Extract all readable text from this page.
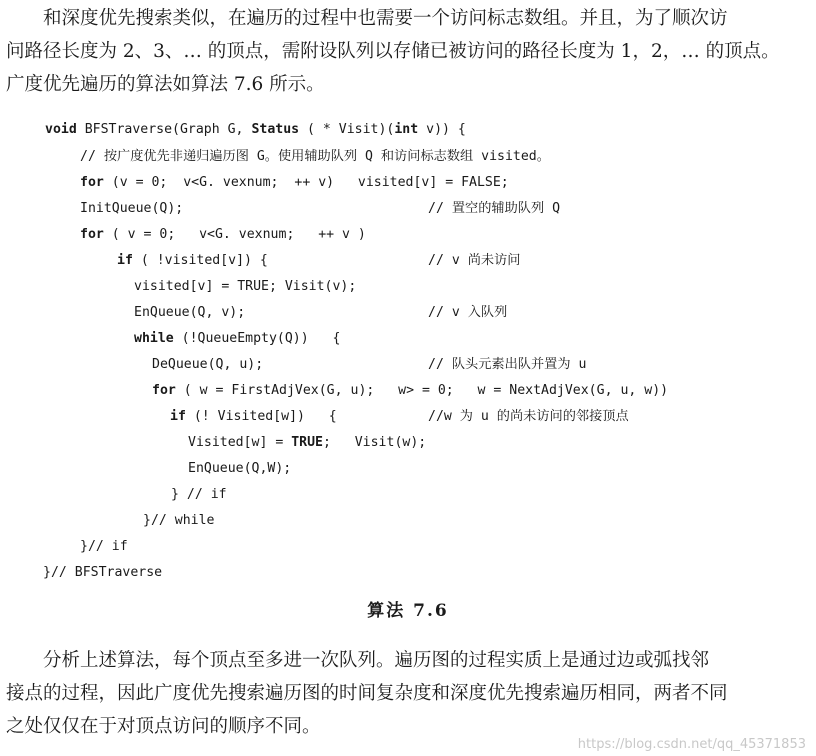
和深度优先搜索类似，在遍历的过程中也需要一个访问标志数组。并且，为了顺次访
问路径长度为 2、3、… 的顶点，需附设队列以存储已被访问的路径长度为 1，2，… 的顶点。
广度优先遍历的算法如算法 7.6 所示。
void BFSTraverse(Graph G, Status ( * Visit)(int v)) {
// 按广度优先非递归遍历图 G。使用辅助队列 Q 和访问标志数组 visited。
for (v = 0;  v<G. vexnum;  ++ v)   visited[v] = FALSE;
InitQueue(Q);	// 置空的辅助队列 Q
for ( v = 0;   v<G. vexnum;   ++ v )
if ( !visited[v]) {	// v 尚未访问
visited[v] = TRUE; Visit(v);
EnQueue(Q, v);	// v 入队列
while (!QueueEmpty(Q))   {
DeQueue(Q, u);	// 队头元素出队并置为 u
for ( w = FirstAdjVex(G, u);   w> = 0;   w = NextAdjVex(G, u, w))
if (! Visited[w])   {	//w 为 u 的尚未访问的邻接顶点
Visited[w] = TRUE;   Visit(w);
EnQueue(Q,W);
} // if
}// while
}// if
}// BFSTraverse
算法 7.6
分析上述算法，每个顶点至多进一次队列。遍历图的过程实质上是通过边或弧找邻
接点的过程，因此广度优先搜索遍历图的时间复杂度和深度优先搜索遍历相同，两者不同
之处仅仅在于对顶点访问的顺序不同。
https://blog.csdn.net/qq_45371853
